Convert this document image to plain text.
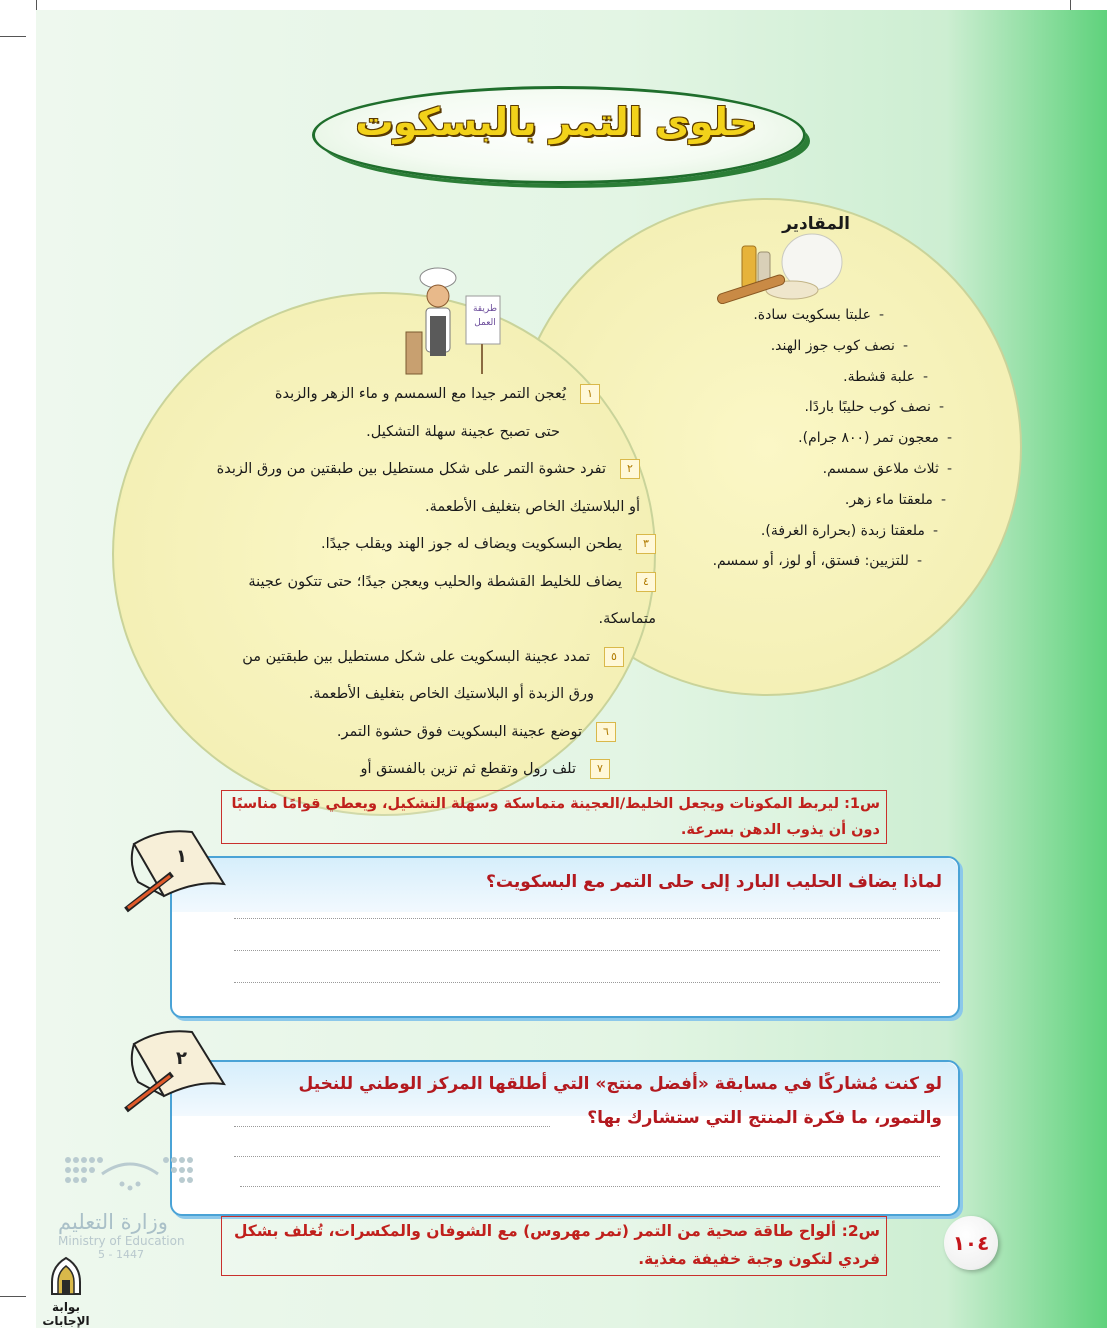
حلوى التمر بالبسكوت
المقادير
-علبتا بسكويت سادة.
-نصف كوب جوز الهند.
-علبة قشطة.
-نصف كوب حليبًا باردًا.
-معجون تمر (٨٠٠ جرام).
-ثلاث ملاعق سمسم.
-ملعقتا ماء زهر.
-ملعقتا زبدة (بحرارة الغرفة).
-للتزيين: فستق، أو لوز، أو سمسم.
طريقة العمل
١يُعجن التمر جيدا مع السمسم و ماء الزهر والزبدة
حتى تصبح عجينة سهلة التشكيل.
٢تفرد حشوة التمر على شكل مستطيل بين طبقتين من ورق الزبدة
أو البلاستيك الخاص بتغليف الأطعمة.
٣يطحن البسكويت ويضاف له جوز الهند ويقلب جيدًا.
٤يضاف للخليط القشطة والحليب ويعجن جيدًا؛ حتى تتكون عجينة
متماسكة.
٥تمدد عجينة البسكويت على شكل مستطيل بين طبقتين من
ورق الزبدة أو البلاستيك الخاص بتغليف الأطعمة.
٦توضع عجينة البسكويت فوق حشوة التمر.
٧تلف رول وتقطع ثم تزين بالفستق أو
س1: ليربط المكونات ويجعل الخليط/العجينة متماسكة وسهلة التشكيل، ويعطي قوامًا مناسبًا دون أن يذوب الدهن بسرعة.
لماذا يضاف الحليب البارد إلى حلى التمر مع البسكويت؟
١
لو كنت مُشاركًا في مسابقة «أفضل منتج» التي أطلقها المركز الوطني للنخيل
والتمور، ما فكرة المنتج التي ستشارك بها؟
٢
س2: ألواح طاقة صحية من التمر (تمر مهروس) مع الشوفان والمكسرات، تُغلف بشكل فردي لتكون وجبة خفيفة مغذية.
١٠٤
وزارة التعليم
Ministry of Education
5 - 1447
بوابة الإجابات
